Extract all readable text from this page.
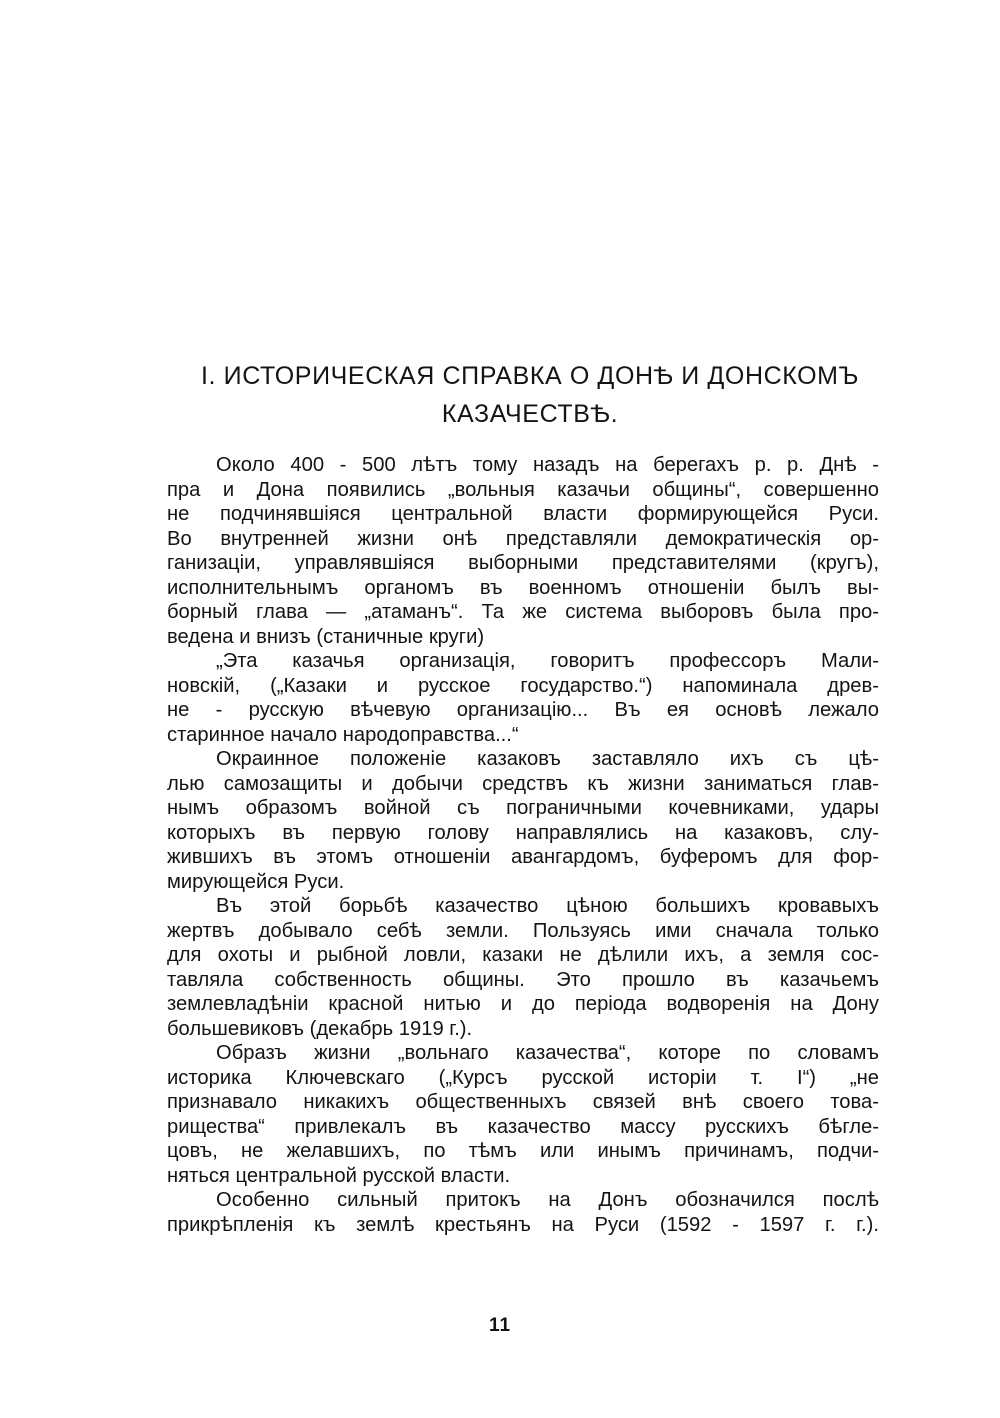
I. ИСТОРИЧЕСКАЯ СПРАВКА О ДОНѢ И ДОНСКОМЪ
КАЗАЧЕСТВѢ.
Около 400 - 500 лѣтъ тому назадъ на берегахъ р. р. Днѣ -
пра и Дона появились „вольныя казачьи общины“, совершенно
не подчинявшіяся центральной власти формирующейся Руси.
Во внутренней жизни онѣ представляли демократическія ор-
ганизаціи, управлявшіяся выборными представителями (кругъ),
исполнительнымъ органомъ въ военномъ отношеніи былъ вы-
борный глава — „атаманъ“. Та же система выборовъ была про-
ведена и внизъ (станичные круги)
„Эта казачья организація, говоритъ профессоръ Мали-
новскій, („Казаки и русское государство.“) напоминала древ-
не - русскую вѣчевую организацію... Въ ея основѣ лежало
старинное начало народоправства...“
Окраинное положеніе казаковъ заставляло ихъ съ цѣ-
лью самозащиты и добычи средствъ къ жизни заниматься глав-
нымъ образомъ войной съ пограничными кочевниками, удары
которыхъ въ первую голову направлялись на казаковъ, слу-
жившихъ въ этомъ отношеніи авангардомъ, буферомъ для фор-
мирующейся Руси.
Въ этой борьбѣ казачество цѣною большихъ кровавыхъ
жертвъ добывало себѣ земли. Пользуясь ими сначала только
для охоты и рыбной ловли, казаки не дѣлили ихъ, а земля сос-
тавляла собственность общины. Это прошло въ казачьемъ
землевладѣніи красной нитью и до періода водворенія на Дону
большевиковъ (декабрь 1919 г.).
Образъ жизни „вольнаго казачества“, которе по словамъ
историка Ключевскаго („Курсъ русской исторіи т. I“) „не
признавало никакихъ общественныхъ связей внѣ своего това-
рищества“ привлекалъ въ казачество массу русскихъ бѣгле-
цовъ, не желавшихъ, по тѣмъ или инымъ причинамъ, подчи-
няться центральной русской власти.
Особенно сильный притокъ на Донъ обозначился послѣ
прикрѣпленія къ землѣ крестьянъ на Руси (1592 - 1597 г. г.).
11
